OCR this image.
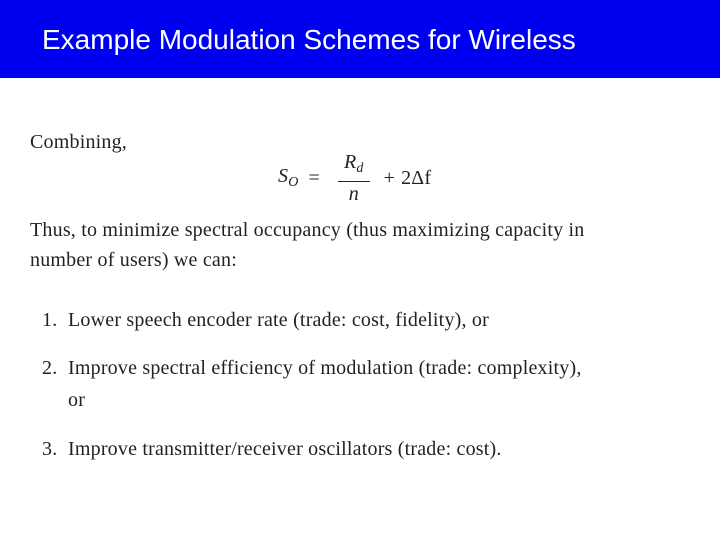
Example Modulation Schemes for Wireless
Combining,
$S_O = \frac{R_d}{n} + 2\Delta f$
Thus, to minimize spectral occupancy (thus maximizing capacity in
number of users) we can:
1. Lower speech encoder rate (trade: cost, fidelity), or
2. Improve spectral efficiency of modulation (trade: complexity),
or
3. Improve transmitter/receiver oscillators (trade: cost).
